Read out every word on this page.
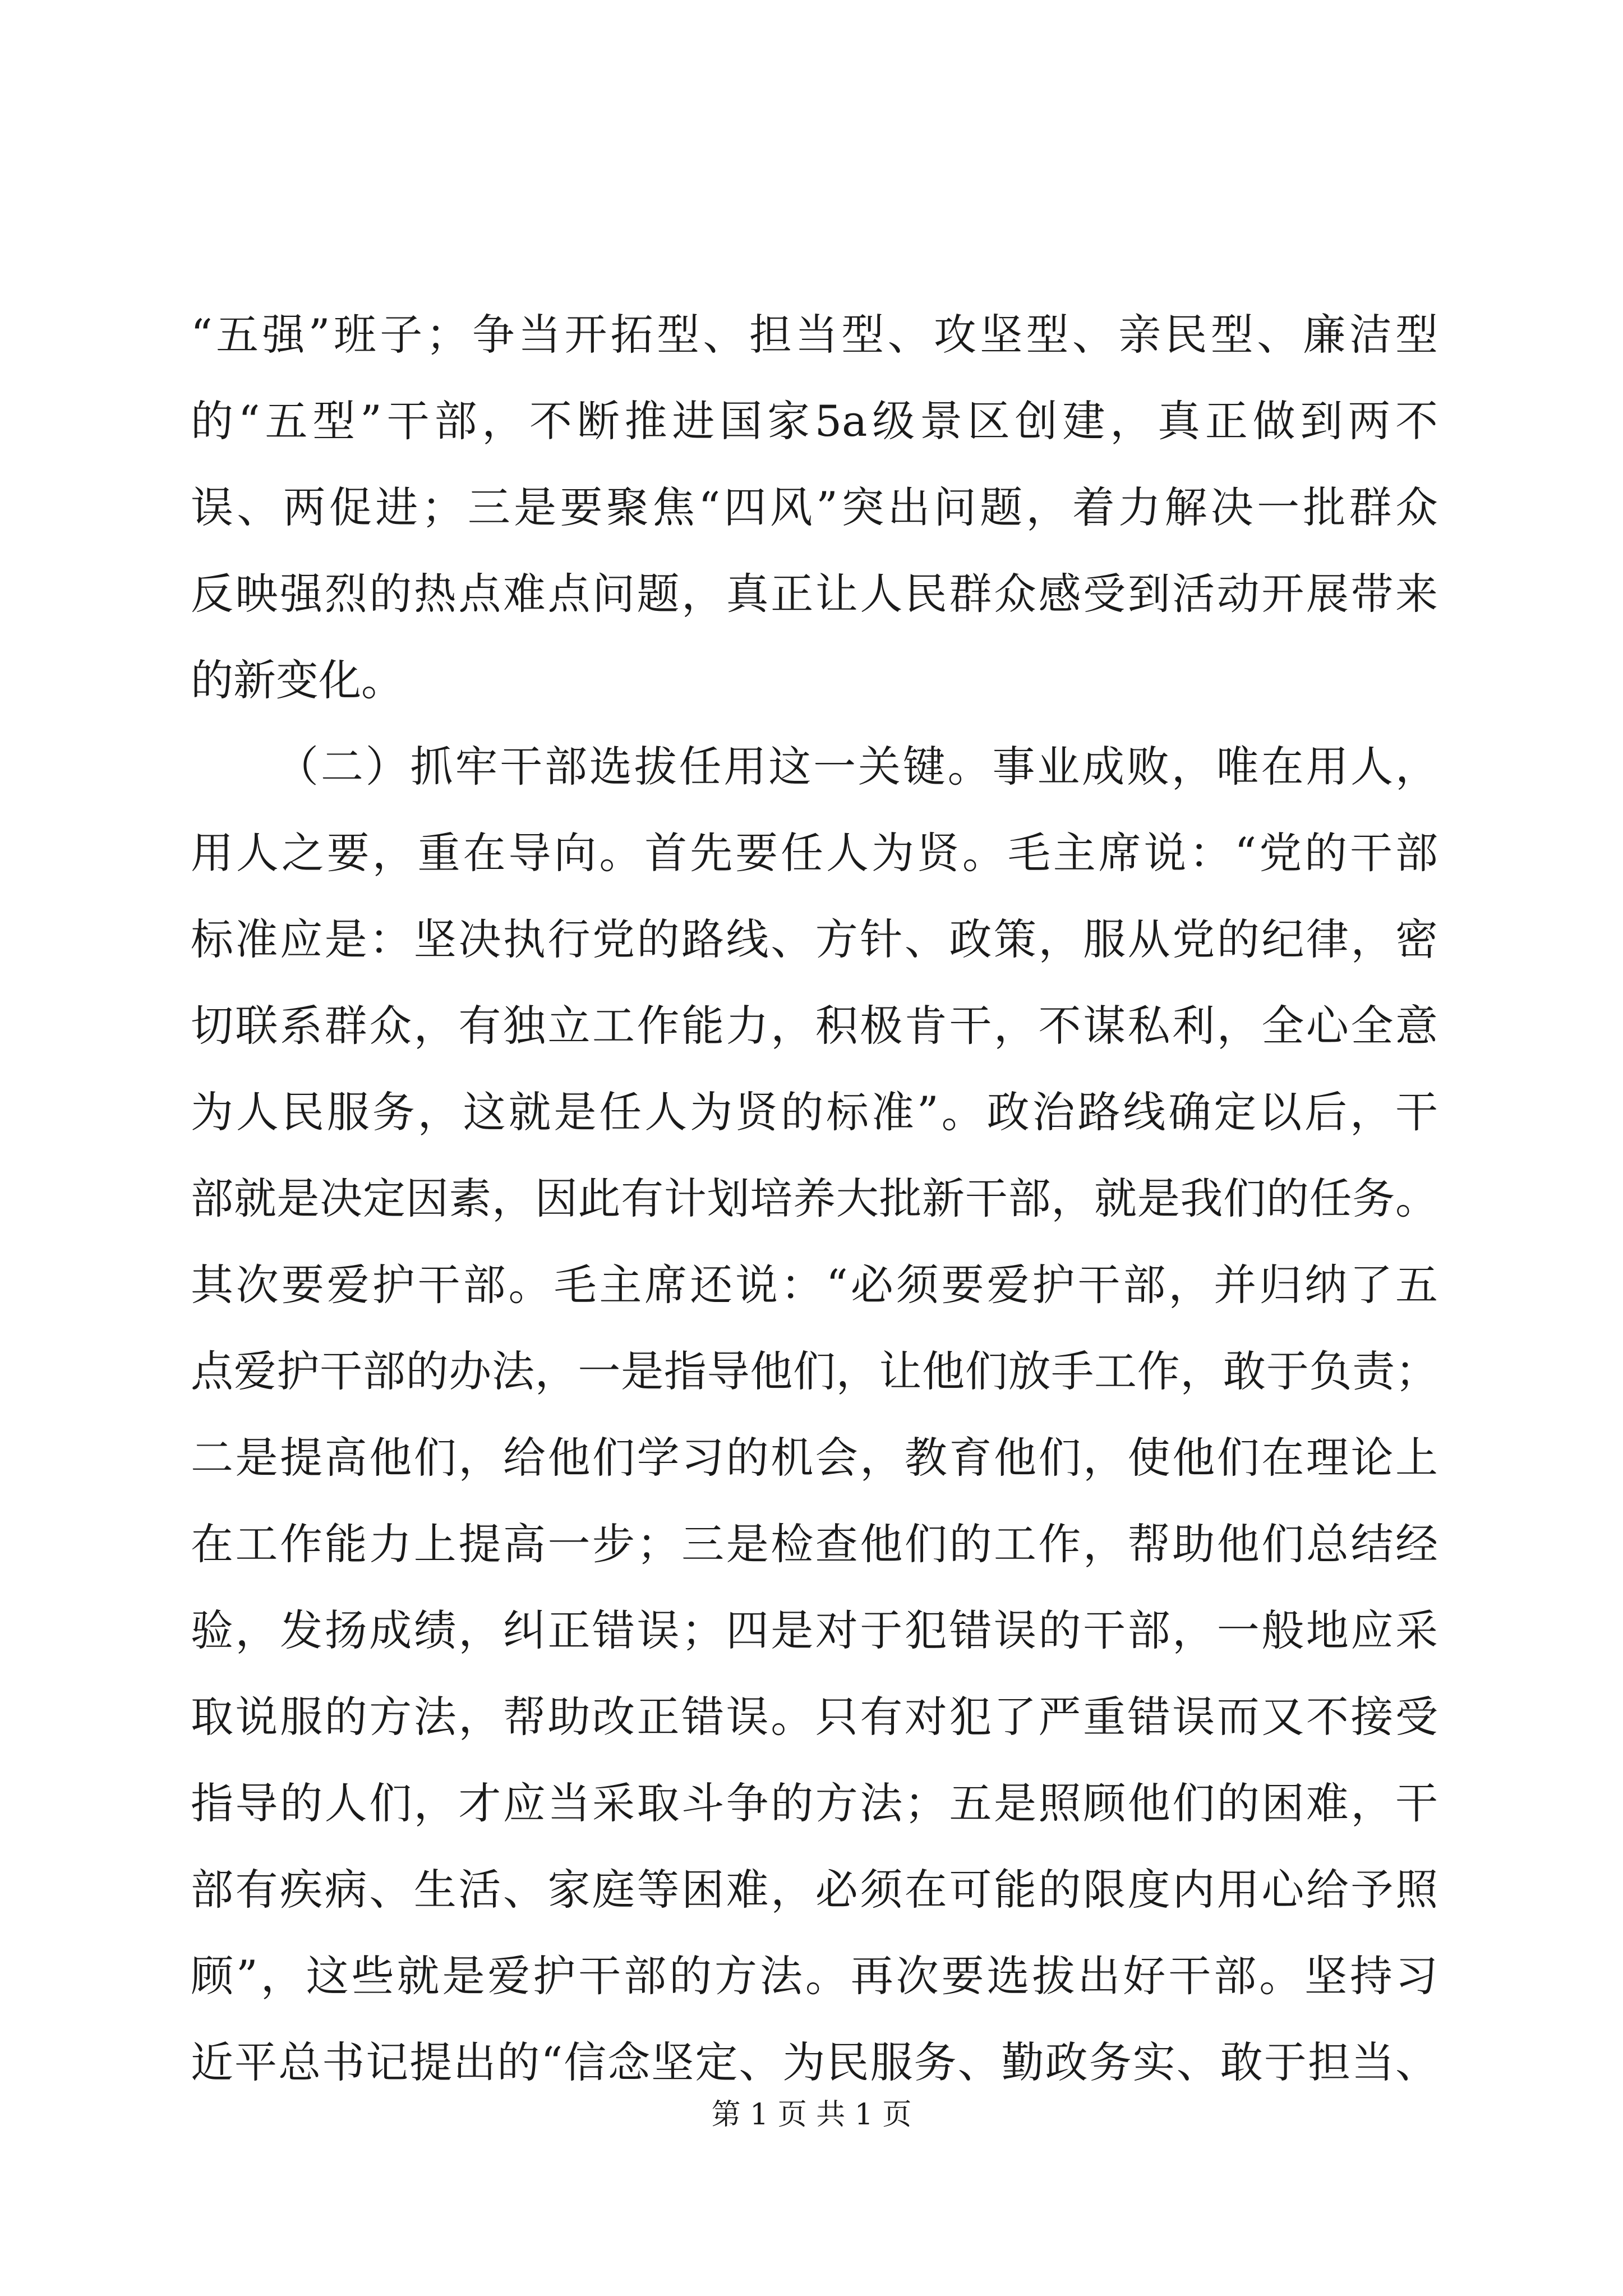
“五强”班子；争当开拓型、担当型、攻坚型、亲民型、廉洁型
的“五型”干部，不断推进国家5a级景区创建，真正做到两不
误、两促进；三是要聚焦“四风”突出问题，着力解决一批群众
反映强烈的热点难点问题，真正让人民群众感受到活动开展带来
的新变化。
（二）抓牢干部选拔任用这一关键。事业成败，唯在用人，
用人之要，重在导向。首先要任人为贤。毛主席说：“党的干部
标准应是：坚决执行党的路线、方针、政策，服从党的纪律，密
切联系群众，有独立工作能力，积极肯干，不谋私利，全心全意
为人民服务，这就是任人为贤的标准”。政治路线确定以后，干
部就是决定因素，因此有计划培养大批新干部，就是我们的任务。
其次要爱护干部。毛主席还说：“必须要爱护干部，并归纳了五
点爱护干部的办法，一是指导他们，让他们放手工作，敢于负责；
二是提高他们，给他们学习的机会，教育他们，使他们在理论上
在工作能力上提高一步；三是检查他们的工作，帮助他们总结经
验，发扬成绩，纠正错误；四是对于犯错误的干部，一般地应采
取说服的方法，帮助改正错误。只有对犯了严重错误而又不接受
指导的人们，才应当采取斗争的方法；五是照顾他们的困难，干
部有疾病、生活、家庭等困难，必须在可能的限度内用心给予照
顾”，这些就是爱护干部的方法。再次要选拔出好干部。坚持习
近平总书记提出的“信念坚定、为民服务、勤政务实、敢于担当、
第 1 页 共 1 页
